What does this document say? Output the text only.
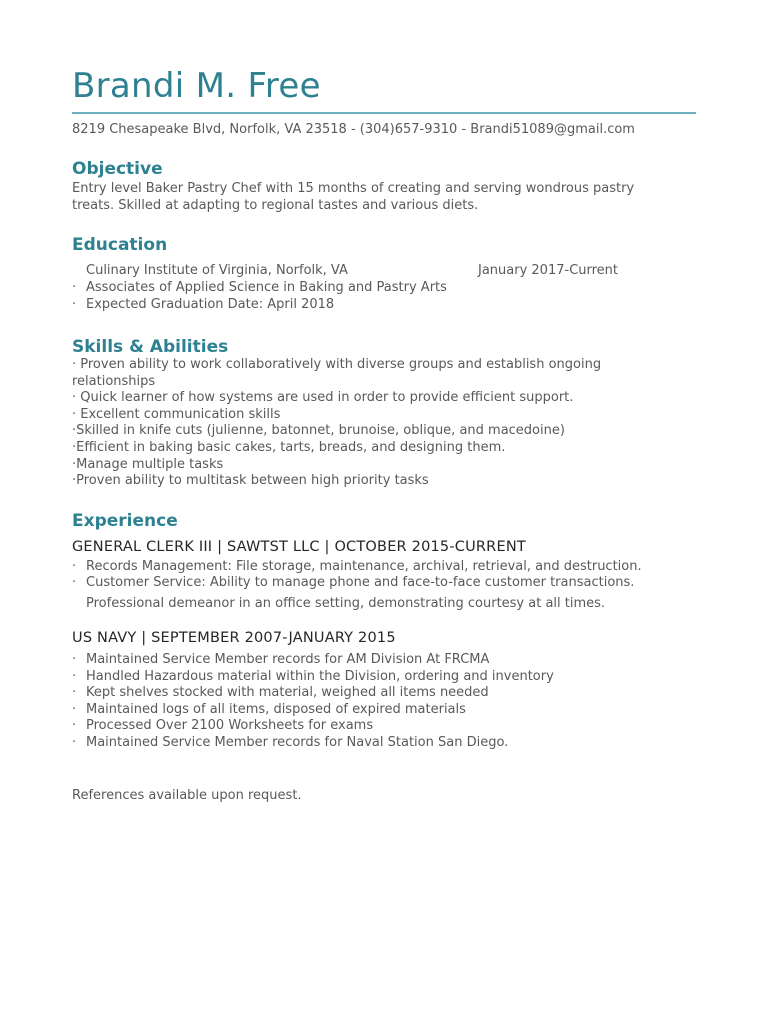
Brandi M. Free
8219 Chesapeake Blvd, Norfolk, VA 23518 - (304)657-9310 - Brandi51089@gmail.com
Objective
Entry level Baker Pastry Chef with 15 months of creating and serving wondrous pastry
treats. Skilled at adapting to regional tastes and various diets.
Education
Culinary Institute of Virginia, Norfolk, VA	January 2017-Current
· Associates of Applied Science in Baking and Pastry Arts
· Expected Graduation Date: April 2018
Skills & Abilities
· Proven ability to work collaboratively with diverse groups and establish ongoing
relationships
· Quick learner of how systems are used in order to provide efficient support.
· Excellent communication skills
·Skilled in knife cuts (julienne, batonnet, brunoise, oblique, and macedoine)
·Efficient in baking basic cakes, tarts, breads, and designing them.
·Manage multiple tasks
·Proven ability to multitask between high priority tasks
Experience
GENERAL CLERK III | SAWTST LLC | OCTOBER 2015-CURRENT
· Records Management: File storage, maintenance, archival, retrieval, and destruction.
· Customer Service: Ability to manage phone and face-to-face customer transactions.
Professional demeanor in an office setting, demonstrating courtesy at all times.
US NAVY | SEPTEMBER 2007-JANUARY 2015
· Maintained Service Member records for AM Division At FRCMA
· Handled Hazardous material within the Division, ordering and inventory
· Kept shelves stocked with material, weighed all items needed
· Maintained logs of all items, disposed of expired materials
· Processed Over 2100 Worksheets for exams
· Maintained Service Member records for Naval Station San Diego.
References available upon request.
